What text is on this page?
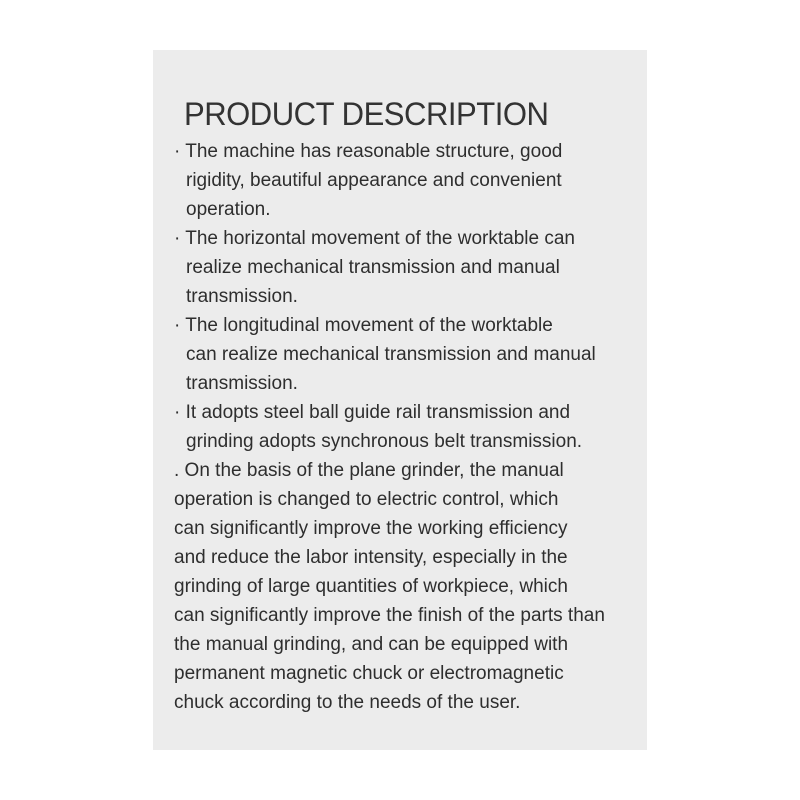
PRODUCT DESCRIPTION
· The machine has reasonable structure, good
rigidity, beautiful appearance and convenient
operation.
· The horizontal movement of the worktable can
realize mechanical transmission and manual
transmission.
· The longitudinal movement of the worktable
can realize mechanical transmission and manual
transmission.
· It adopts steel ball guide rail transmission and
grinding adopts synchronous belt transmission.
. On the basis of the plane grinder, the manual
operation is changed to electric control, which
can significantly improve the working efficiency
and reduce the labor intensity, especially in the
grinding of large quantities of workpiece, which
can significantly improve the finish of the parts than
the manual grinding, and can be equipped with
permanent magnetic chuck or electromagnetic
chuck according to the needs of the user.
